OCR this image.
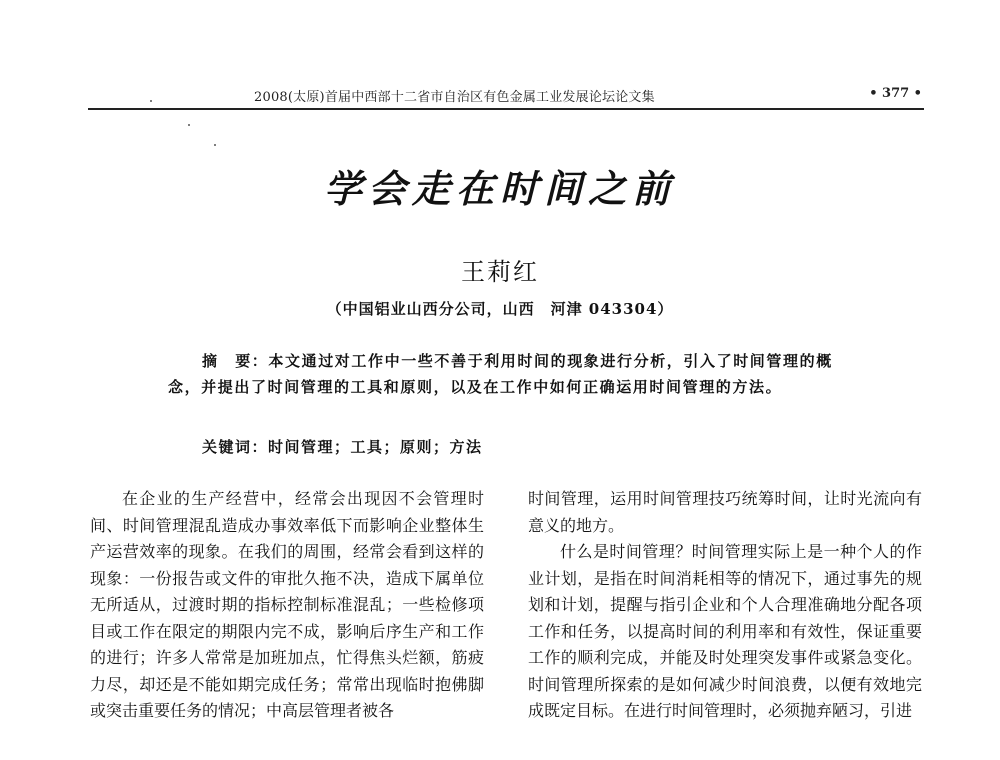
2008(太原)首届中西部十二省市自治区有色金属工业发展论坛论文集	• 377 •
学会走在时间之前
王莉红
（中国铝业山西分公司，山西　河津 043304）
摘　要：本文通过对工作中一些不善于利用时间的现象进行分析，引入了时间管理的概念，并提出了时间管理的工具和原则，以及在工作中如何正确运用时间管理的方法。
关键词：时间管理；工具；原则；方法

在企业的生产经营中，经常会出现因不会管理时间、时间管理混乱造成办事效率低下而影响企业整体生产运营效率的现象。在我们的周围，经常会看到这样的现象：一份报告或文件的审批久拖不决，造成下属单位无所适从，过渡时期的指标控制标准混乱；一些检修项目或工作在限定的期限内完不成，影响后序生产和工作的进行；许多人常常是加班加点，忙得焦头烂额，筋疲力尽，却还是不能如期完成任务；常常出现临时抱佛脚或突击重要任务的情况；中高层管理者被各

时间管理，运用时间管理技巧统筹时间，让时光流向有意义的地方。

什么是时间管理？时间管理实际上是一种个人的作业计划，是指在时间消耗相等的情况下，通过事先的规划和计划，提醒与指引企业和个人合理准确地分配各项工作和任务，以提高时间的利用率和有效性，保证重要工作的顺利完成，并能及时处理突发事件或紧急变化。时间管理所探索的是如何减少时间浪费，以便有效地完成既定目标。在进行时间管理时，必须抛弃陋习，引进
